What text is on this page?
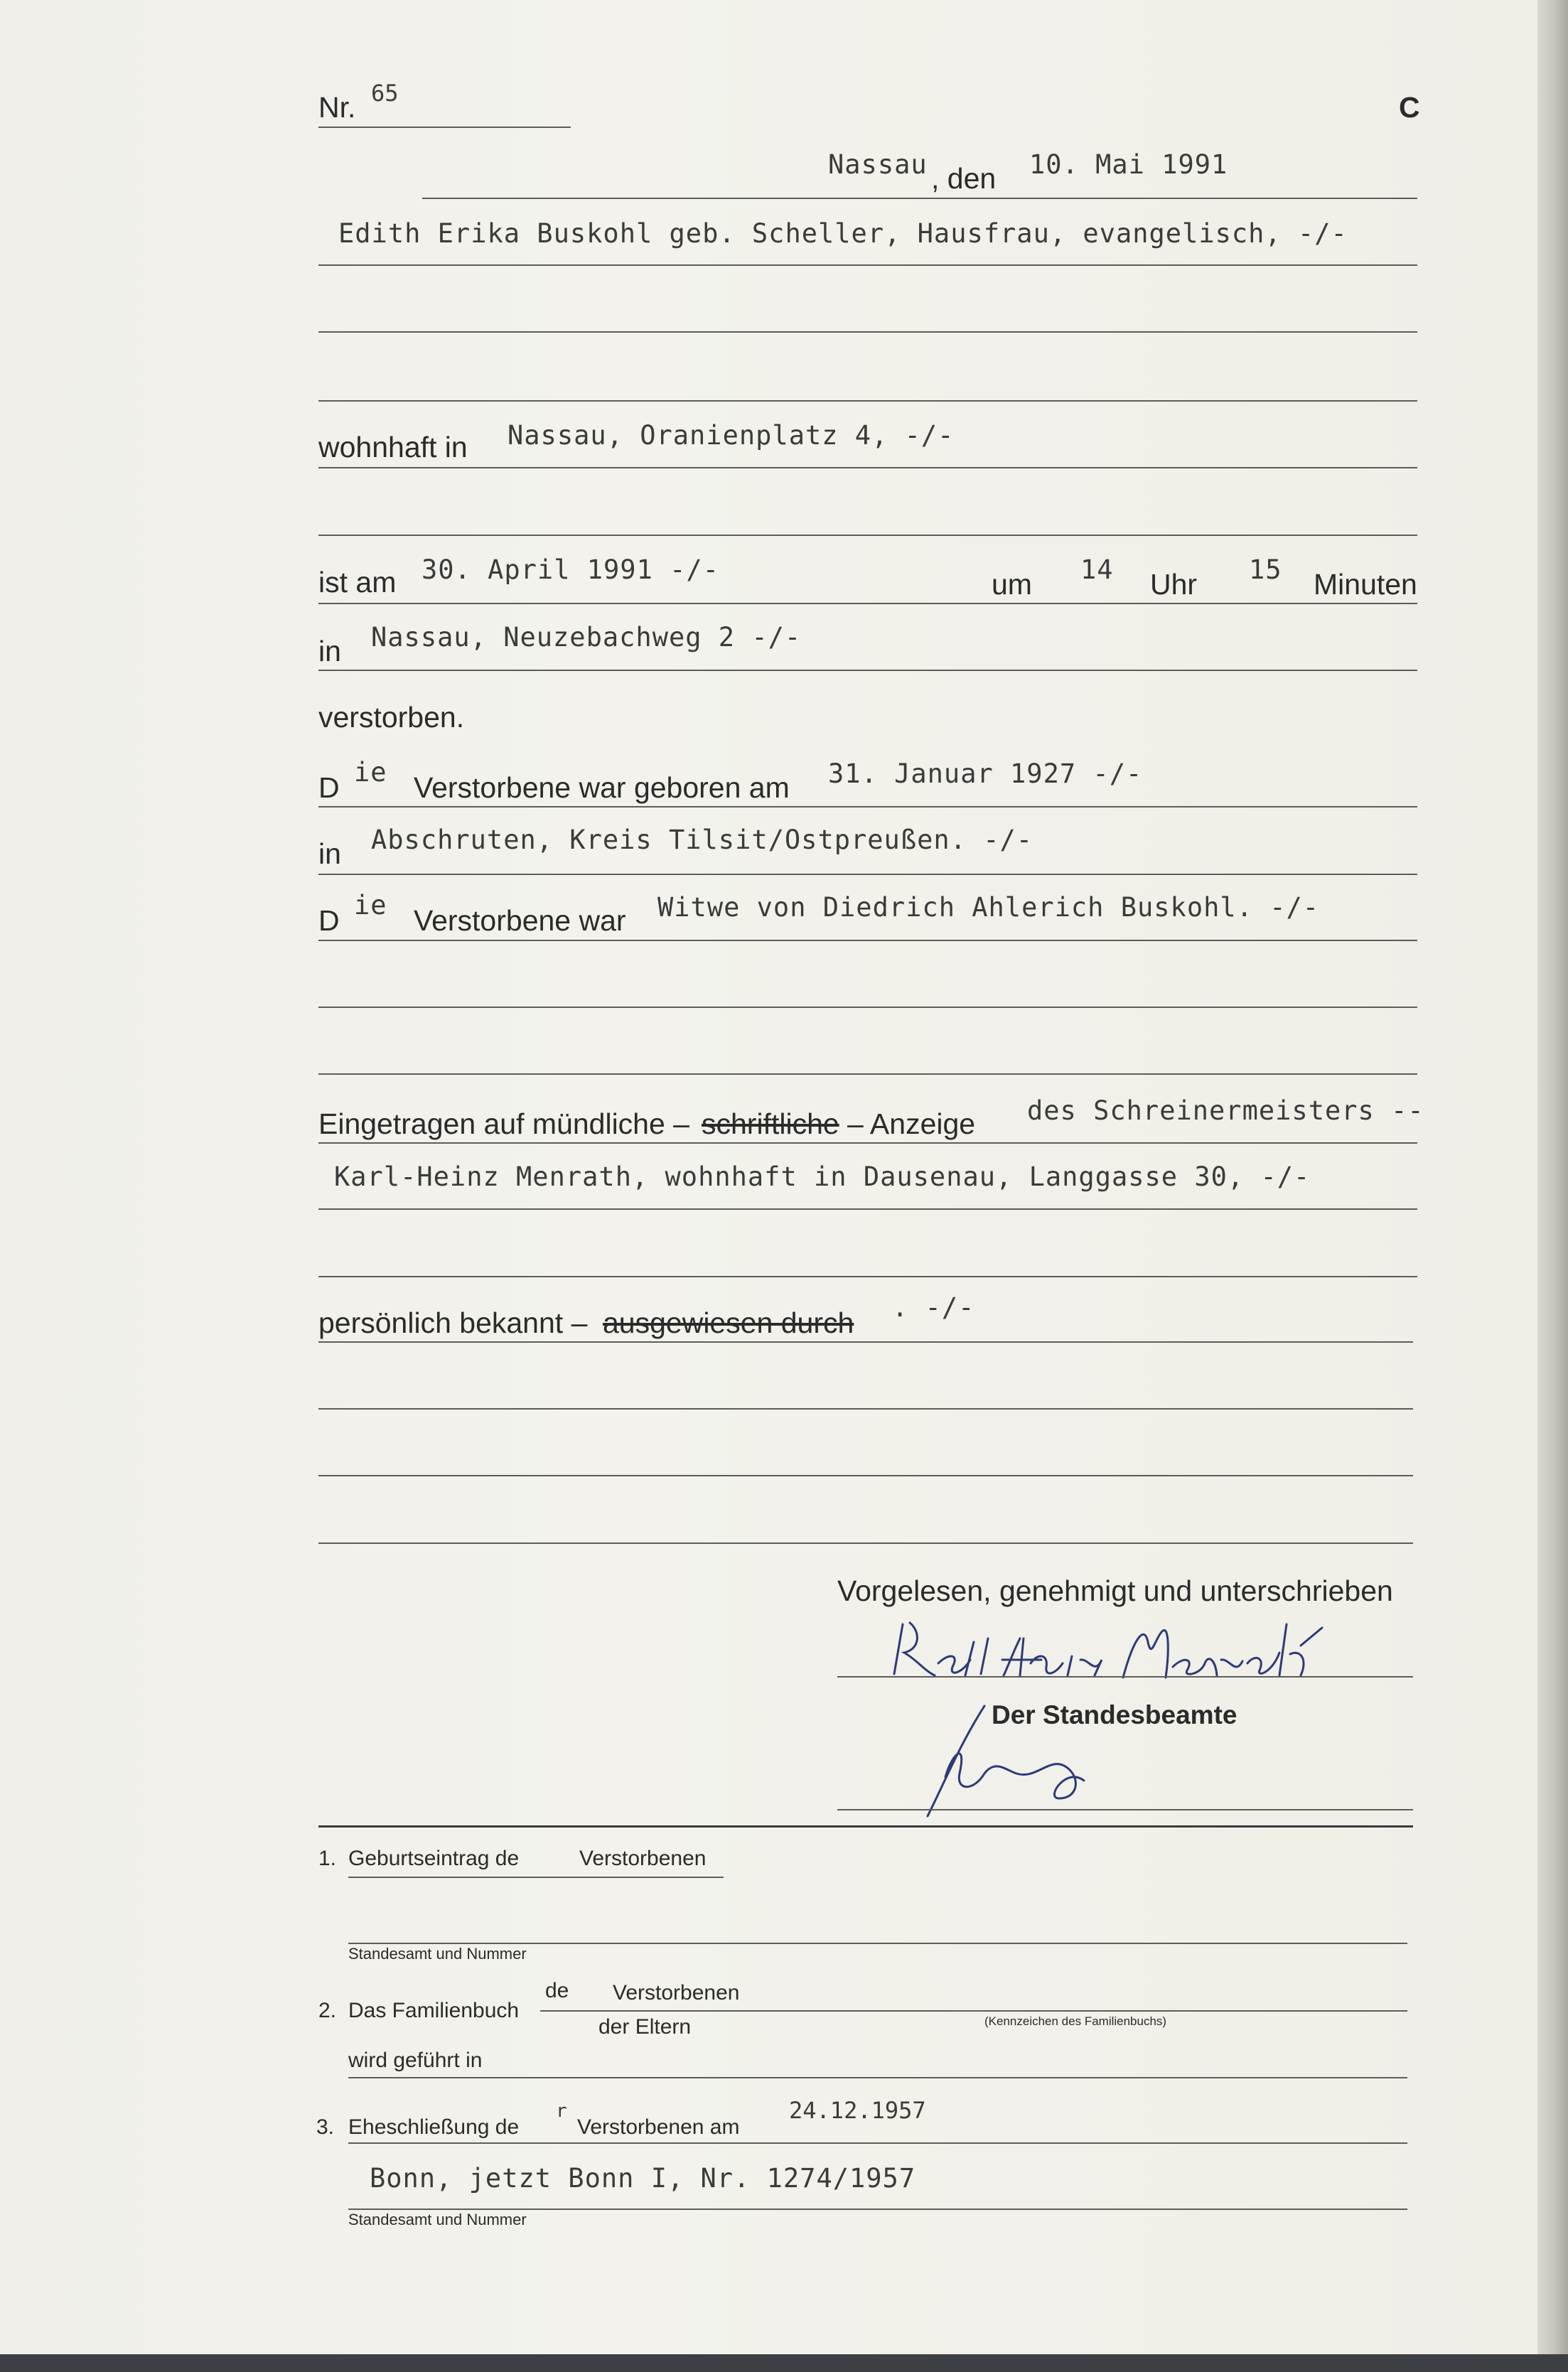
Nr. 65	C
Nassau , den 10. Mai 1991
Edith Erika Buskohl geb. Scheller, Hausfrau, evangelisch, -/-
wohnhaft in Nassau, Oranienplatz 4, -/-
ist am 30. April 1991 -/-	um 14 Uhr 15 Minuten
in Nassau, Neuzebachweg 2 -/-
verstorben.
D ie Verstorbene war geboren am 31. Januar 1927 -/-
in Abschruten, Kreis Tilsit/Ostpreußen. -/-
D ie Verstorbene war Witwe von Diedrich Ahlerich Buskohl. -/-
Eingetragen auf mündliche – schriftliche – Anzeige des Schreinermeisters --
Karl-Heinz Menrath, wohnhaft in Dausenau, Langgasse 30, -/-
persönlich bekannt – ausgewiesen durch . -/-
Vorgelesen, genehmigt und unterschrieben
Der Standesbeamte
1. Geburtseintrag de	Verstorbenen
Standesamt und Nummer
2. Das Familienbuch
de Verstorbenen
der Eltern	(Kennzeichen des Familienbuchs)
wird geführt in
3. Eheschließung de
r
Verstorbenen am
24.12.1957
Bonn, jetzt Bonn I, Nr. 1274/1957
Standesamt und Nummer
